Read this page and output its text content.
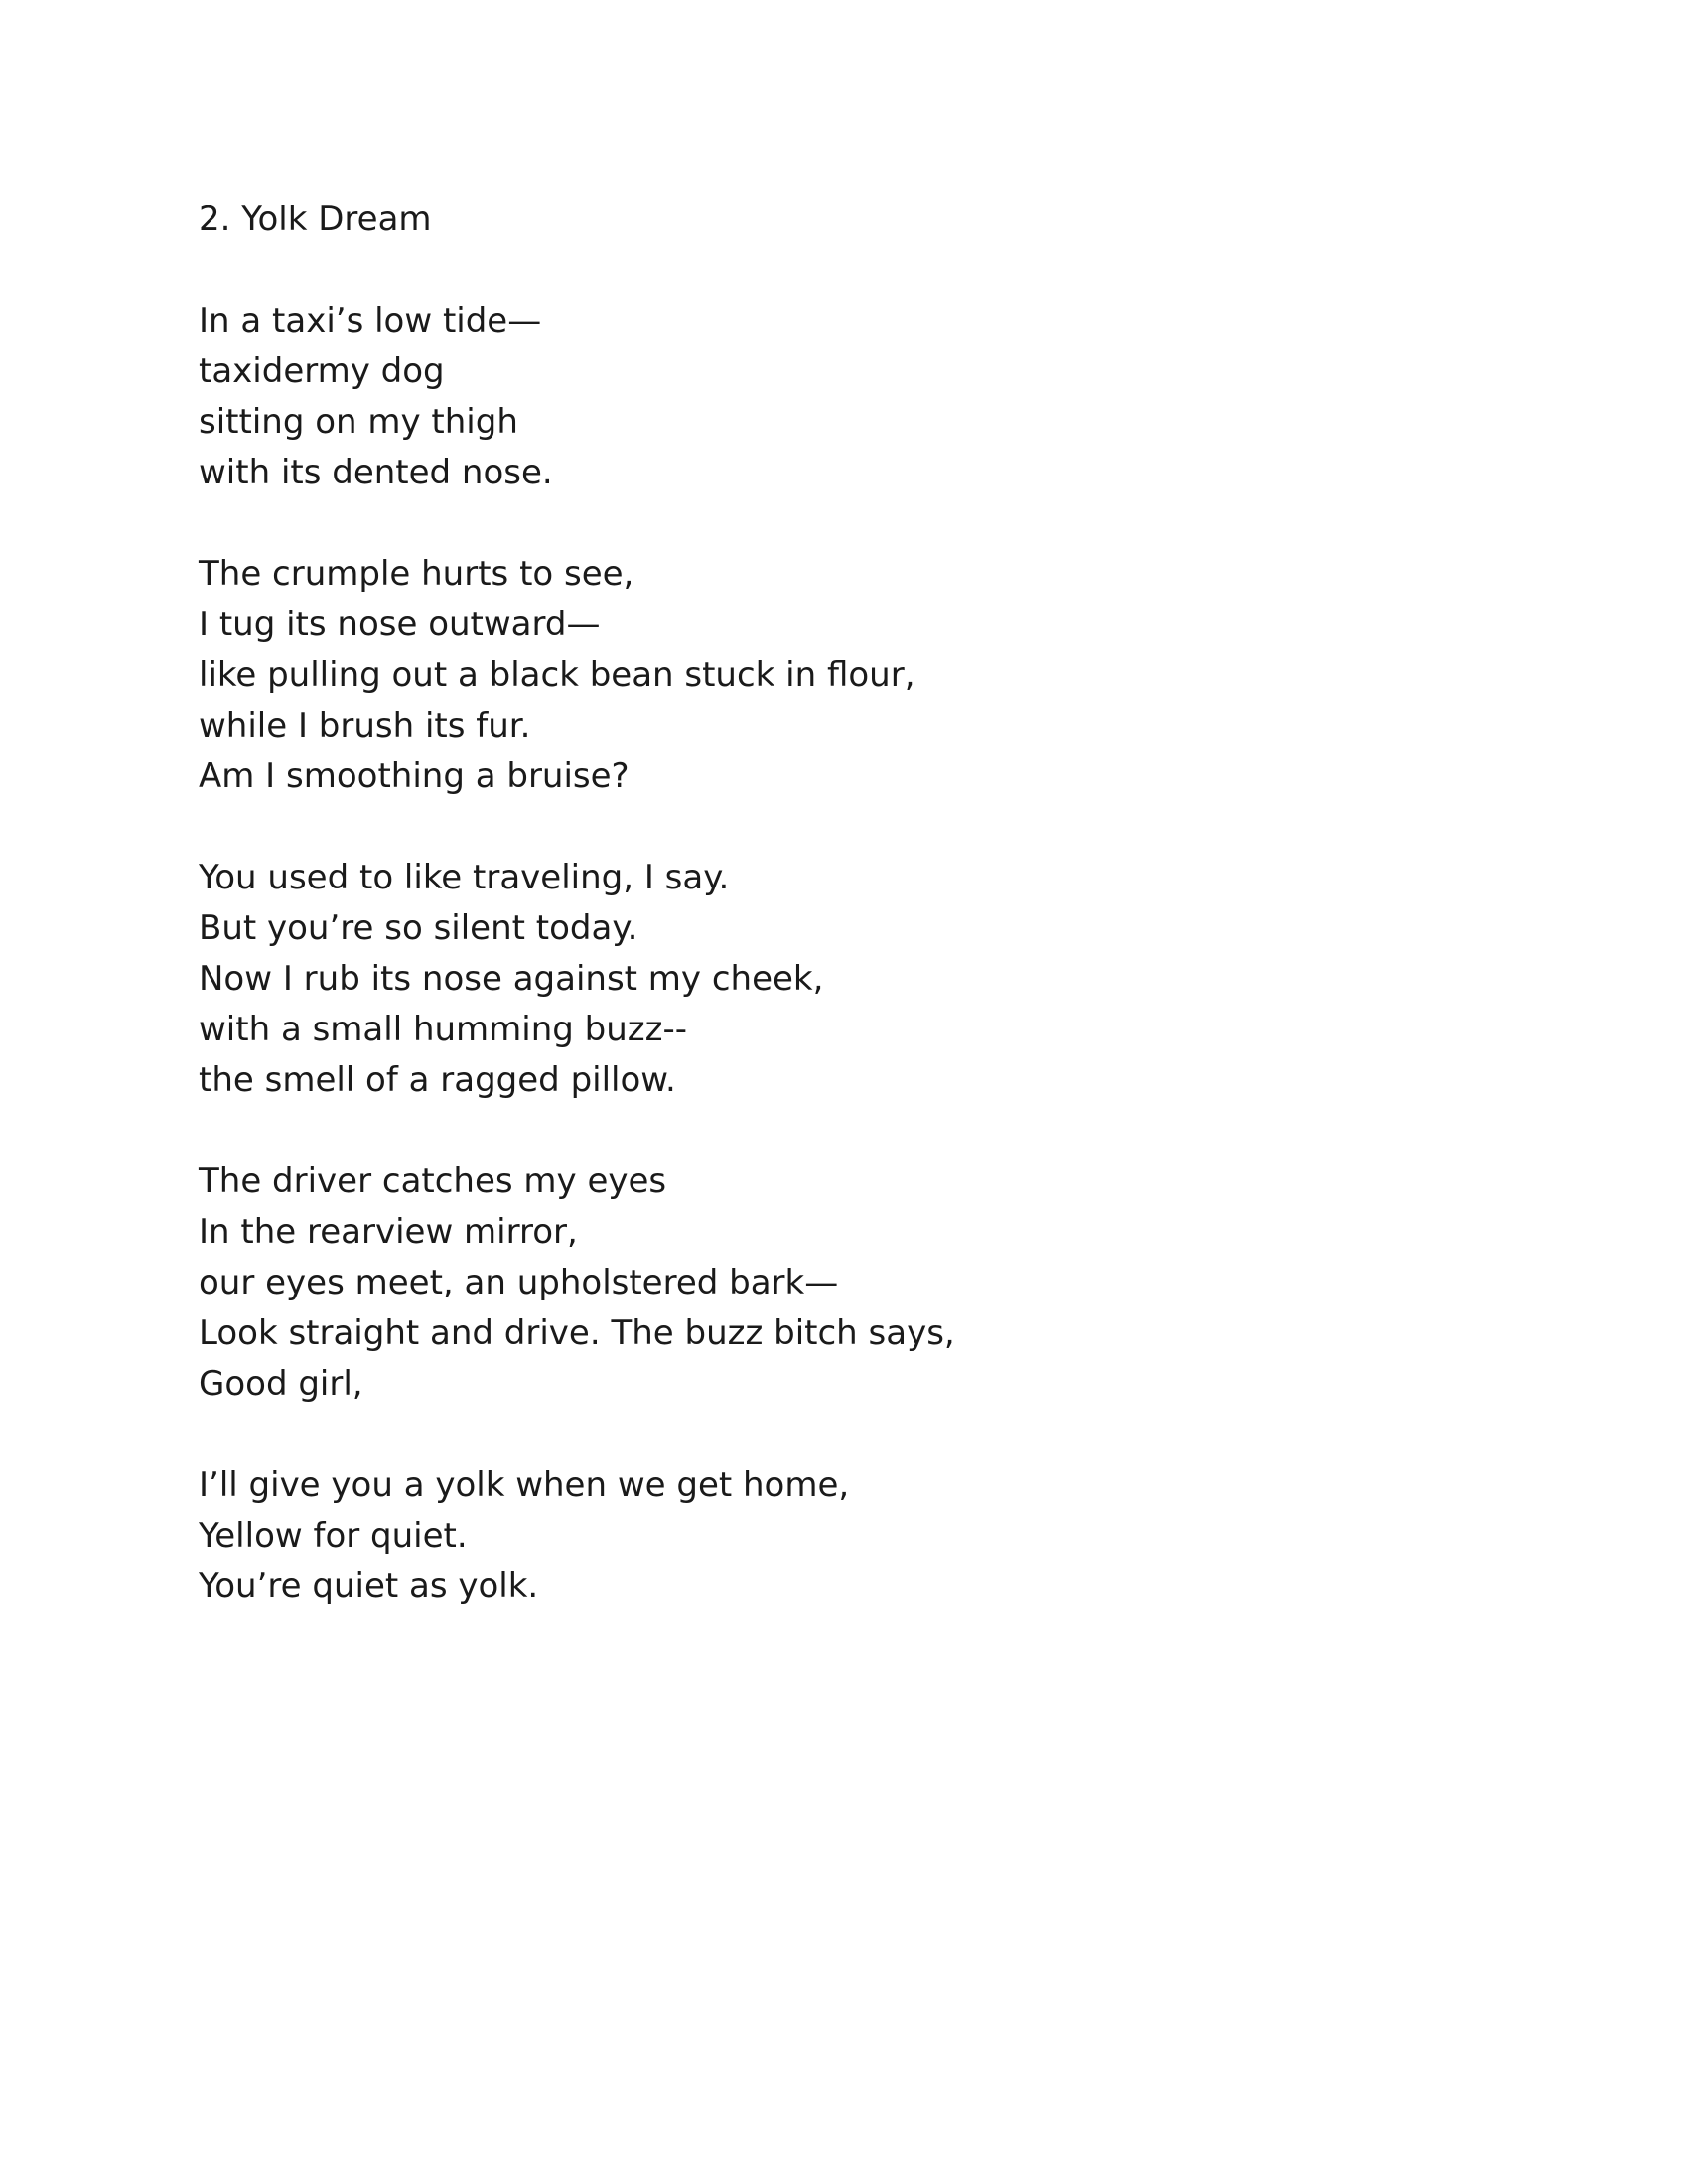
2. Yolk Dream
In a taxi’s low tide—
taxidermy dog
sitting on my thigh
with its dented nose.
The crumple hurts to see,
I tug its nose outward—
like pulling out a black bean stuck in flour,
while I brush its fur.
Am I smoothing a bruise?
You used to like traveling, I say.
But you’re so silent today.
Now I rub its nose against my cheek,
with a small humming buzz--
the smell of a ragged pillow.
The driver catches my eyes
In the rearview mirror,
our eyes meet, an upholstered bark—
Look straight and drive. The buzz bitch says,
Good girl,
I’ll give you a yolk when we get home,
Yellow for quiet.
You’re quiet as yolk.
